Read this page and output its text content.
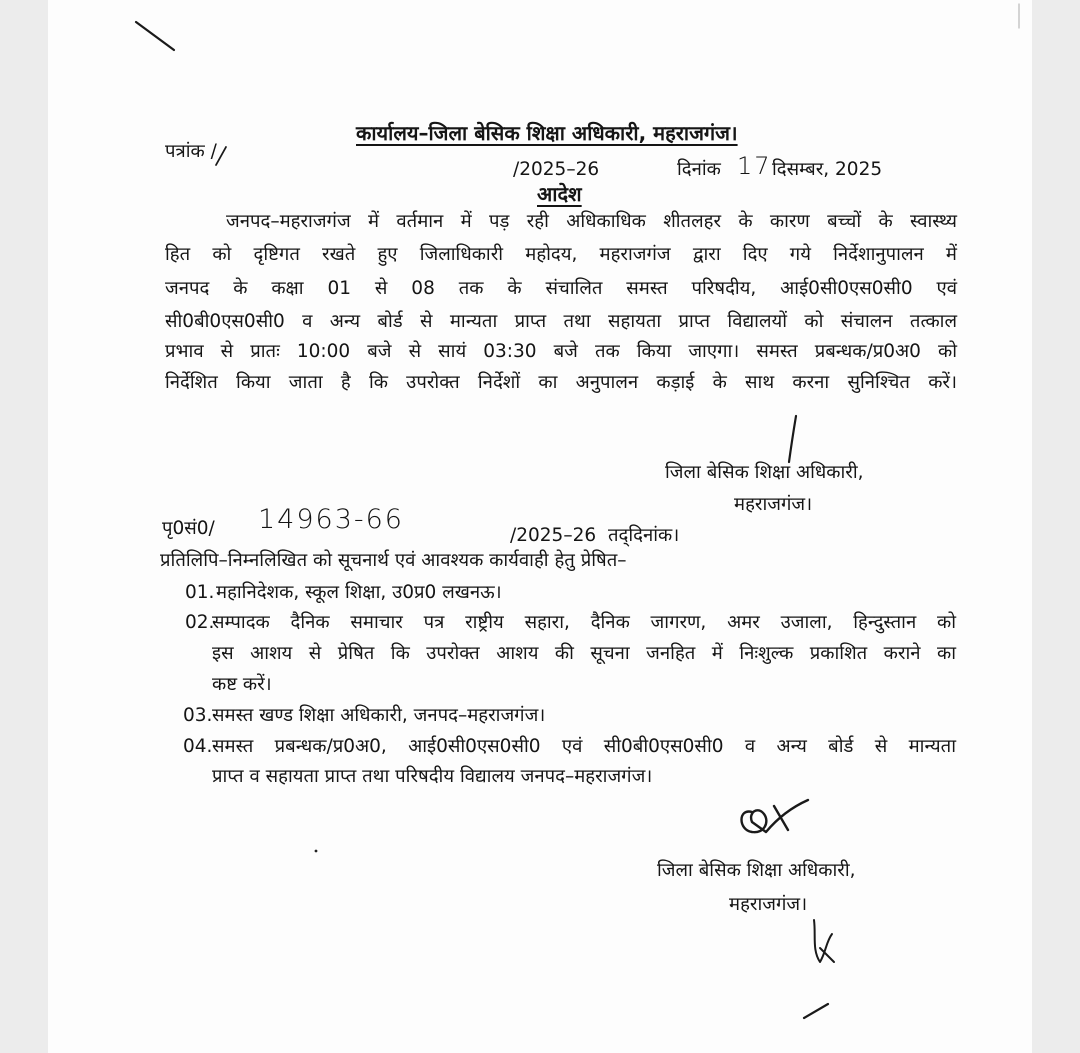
कार्यालय–जिला बेसिक शिक्षा अधिकारी, महराजगंज।
पत्रांक /
/2025–26	दिनांक 17 दिसम्बर, 2025
आदेश
जनपद–महराजगंज में वर्तमान में पड़ रही अधिकाधिक शीतलहर के कारण बच्चों के स्वास्थ्य
हित को दृष्टिगत रखते हुए जिलाधिकारी महोदय, महराजगंज द्वारा दिए गये निर्देशानुपालन में
जनपद के कक्षा 01 से 08 तक के संचालित समस्त परिषदीय, आई0सी0एस0सी0 एवं
सी0बी0एस0सी0 व अन्य बोर्ड से मान्यता प्राप्त तथा सहायता प्राप्त विद्यालयों को संचालन तत्काल
प्रभाव से प्रातः 10:00 बजे से सायं 03:30 बजे तक किया जाएगा। समस्त प्रबन्धक/प्र0अ0 को
निर्देशित किया जाता है कि उपरोक्त निर्देशों का अनुपालन कड़ाई के साथ करना सुनिश्चित करें।
जिला बेसिक शिक्षा अधिकारी,
महराजगंज।
पृ0सं0/ 14963-66
/2025–26 तद्‌दिनांक।
प्रतिलिपि–निम्नलिखित को सूचनार्थ एवं आवश्यक कार्यवाही हेतु प्रेषित–
01. महानिदेशक, स्कूल शिक्षा, उ0प्र0 लखनऊ।
02.
सम्पादक दैनिक समाचार पत्र राष्ट्रीय सहारा, दैनिक जागरण, अमर उजाला, हिन्दुस्तान को
इस आशय से प्रेषित कि उपरोक्त आशय की सूचना जनहित में निःशुल्क प्रकाशित कराने का
कष्ट करें।
03. समस्त खण्ड शिक्षा अधिकारी, जनपद–महराजगंज।
04. समस्त प्रबन्धक/प्र0अ0, आई0सी0एस0सी0 एवं सी0बी0एस0सी0 व अन्य बोर्ड से मान्यता
प्राप्त व सहायता प्राप्त तथा परिषदीय विद्यालय जनपद–महराजगंज।
जिला बेसिक शिक्षा अधिकारी,
महराजगंज।
